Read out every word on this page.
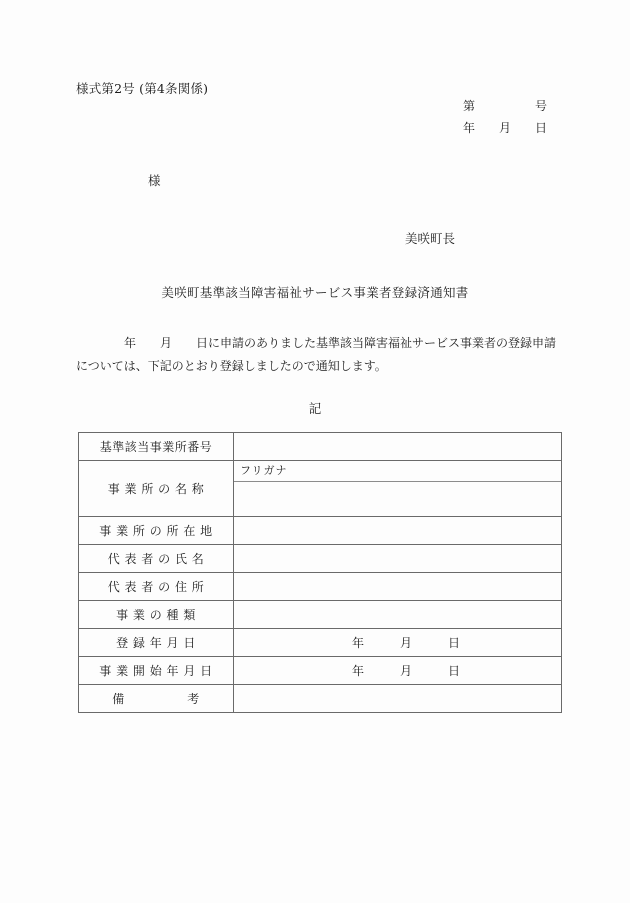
様式第2号 (第4条関係)
第　　　　　号
年　　月　　日
様
美咲町長
美咲町基準該当障害福祉サービス事業者登録済通知書
　　　　年　　月　　日に申請のありました基準該当障害福祉サービス事業者の登録申請
については、下記のとおり登録しましたので通知します。
記
基準該当事業所番号	
事 業 所 の 名 称	フリガナ

事 業 所 の 所 在 地	
代 表 者 の 氏 名	
代 表 者 の 住 所	
事 業 の 種 類	
登 録 年 月 日	年　　　月　　　日
事 業 開 始 年 月 日	年　　　月　　　日
備　　　　　考	
